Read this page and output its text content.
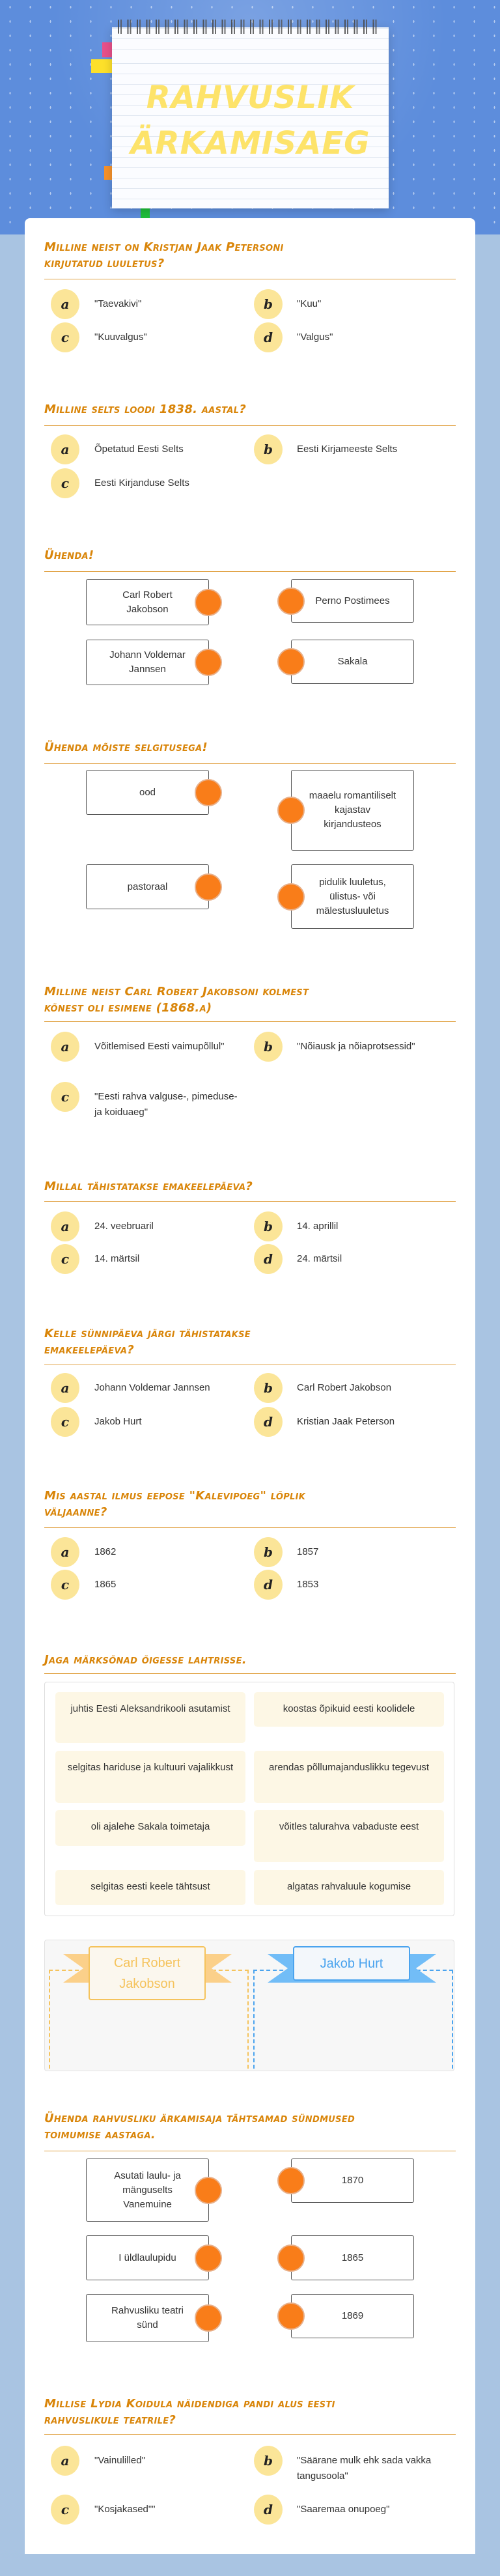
RAHVUSLIK
ÄRKAMISAEG
Milline neist on Kristjan Jaak Petersoni
kirjutatud luuletus?
a	"Taevakivi"	b	"Kuu"
c	"Kuuvalgus"	d	"Valgus"
Milline selts loodi 1838. aastal?
a	Õpetatud Eesti Selts	b	Eesti Kirjameeste Selts
c	Eesti Kirjanduse Selts
Ühenda!
Carl Robert Jakobson
Johann Voldemar Jannsen
Perno Postimees
Sakala
Ühenda mõiste selgitusega!
ood
pastoraal
maaelu romantiliselt kajastav kirjandusteos
pidulik luuletus, ülistus- või mälestusluuletus
Milline neist Carl Robert Jakobsoni kolmest
kõnest oli esimene (1868.a)
a	Võitlemised Eesti vaimupõllul"	b	"Nõiausk ja nõiaprotsessid"
c	"Eesti rahva valguse-, pimeduse- ja koiduaeg"
Millal tähistatakse emakeelepäeva?
a	24. veebruaril	b	14. aprillil
c	14. märtsil	d	24. märtsil
Kelle sünnipäeva järgi tähistatakse
emakeelepäeva?
a	Johann Voldemar Jannsen	b	Carl Robert Jakobson
c	Jakob Hurt	d	Kristian Jaak Peterson
Mis aastal ilmus eepose "Kalevipoeg" lõplik
väljaanne?
a	1862	b	1857
c	1865	d	1853
Jaga märksõnad õigesse lahtrisse.
juhtis Eesti Aleksandrikooli asutamist	koostas õpikuid eesti koolidele
selgitas hariduse ja kultuuri vajalikkust	arendas põllumajanduslikku tegevust
oli ajalehe Sakala toimetaja	võitles talurahva vabaduste eest
selgitas eesti keele tähtsust	algatas rahvaluule kogumise
Carl Robert Jakobson
Jakob Hurt
Ühenda rahvusliku ärkamisaja tähtsamad sündmused
toimumise aastaga.
Asutati laulu- ja mänguselts Vanemuine
I üldlaulupidu
Rahvusliku teatri sünd
1870
1865
1869
Millise Lydia Koidula näidendiga pandi alus eesti
rahvuslikule teatrile?
a	"Vainulilled"	b	"Säärane mulk ehk sada vakka tangusoola"
c	"Kosjakased""	d	"Saaremaa onupoeg"
